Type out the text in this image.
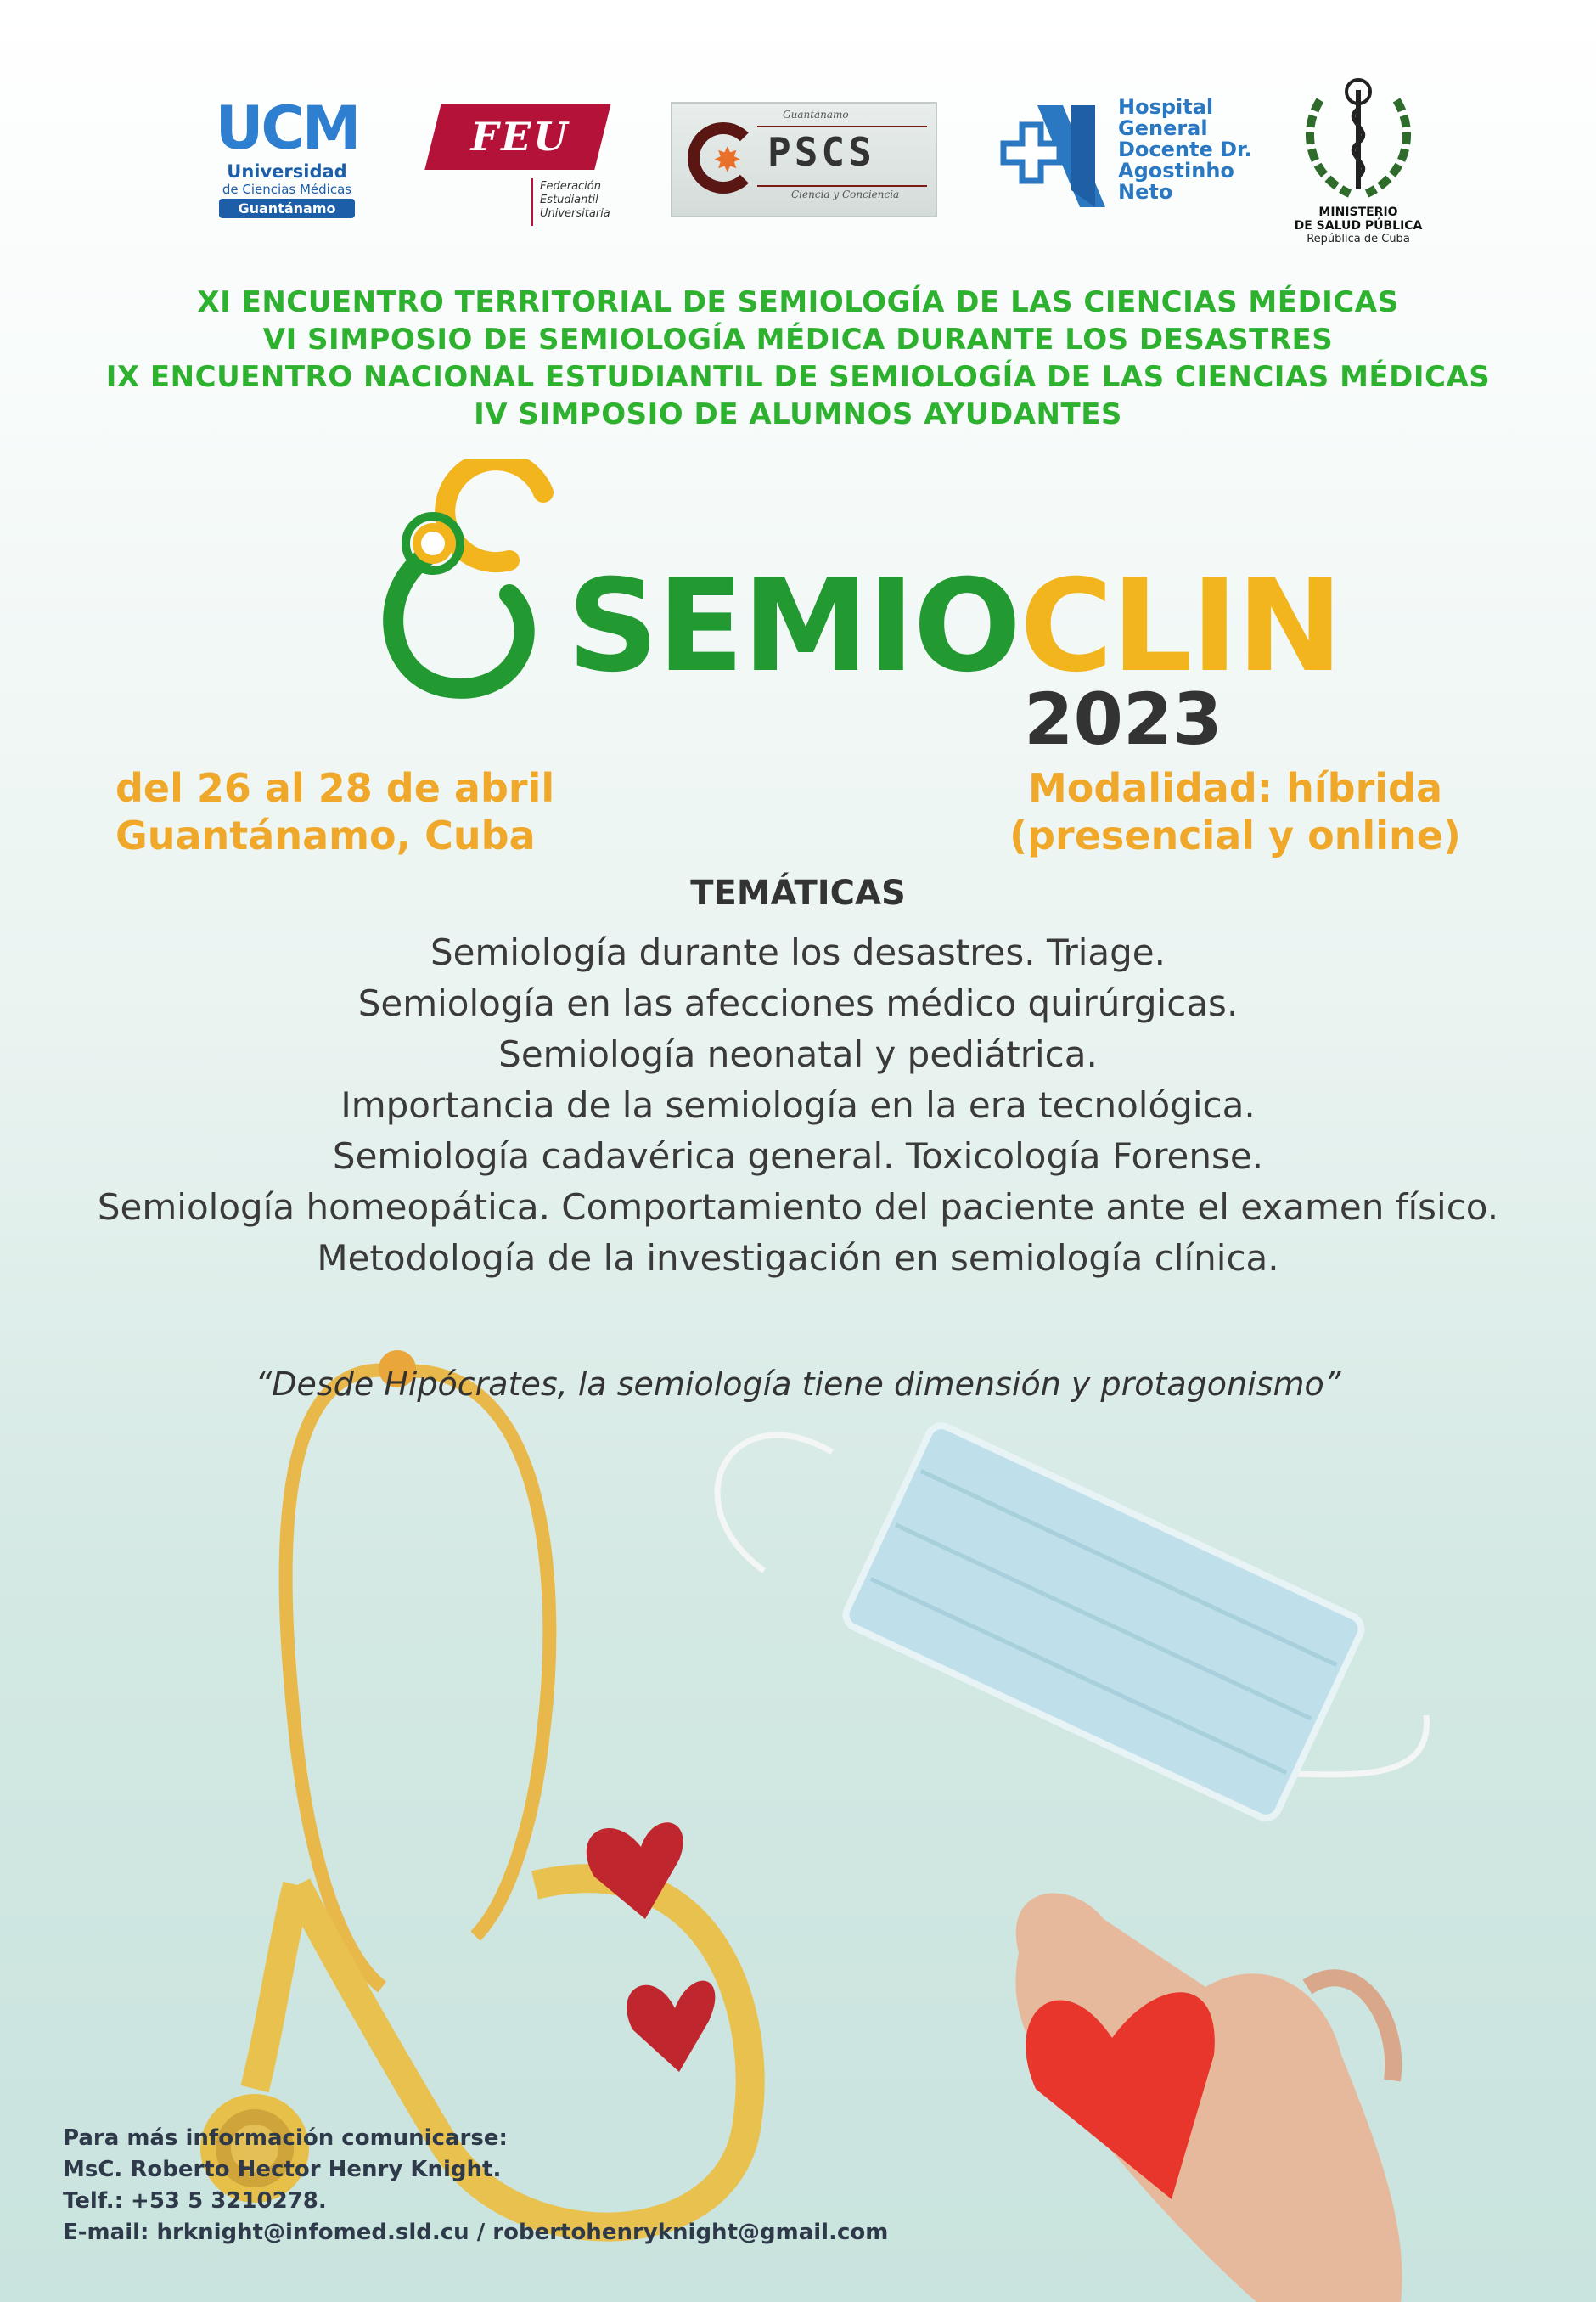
UCM
Universidad
de Ciencias Médicas
Guantánamo
FEU
Federación
Estudiantil
Universitaria
Guantánamo
✸ PSCS
Ciencia y Conciencia
Hospital
General
Docente Dr.
Agostinho
Neto
MINISTERIO
DE SALUD PÚBLICA
República de Cuba
XI ENCUENTRO TERRITORIAL DE SEMIOLOGÍA DE LAS CIENCIAS MÉDICAS
VI SIMPOSIO DE SEMIOLOGÍA MÉDICA DURANTE LOS DESASTRES
IX ENCUENTRO NACIONAL ESTUDIANTIL DE SEMIOLOGÍA DE LAS CIENCIAS MÉDICAS
IV SIMPOSIO DE ALUMNOS AYUDANTES
SEMIOCLIN
2023
del 26 al 28 de abril
Guantánamo, Cuba
Modalidad: híbrida
(presencial y online)
TEMÁTICAS
Semiología durante los desastres. Triage.
Semiología en las afecciones médico quirúrgicas.
Semiología neonatal y pediátrica.
Importancia de la semiología en la era tecnológica.
Semiología cadavérica general. Toxicología Forense.
Semiología homeopática. Comportamiento del paciente ante el examen físico.
Metodología de la investigación en semiología clínica.
“Desde Hipócrates, la semiología tiene dimensión y protagonismo”
Para más información comunicarse:
MsC. Roberto Hector Henry Knight.
Telf.: +53 5 3210278.
E-mail: hrknight@infomed.sld.cu / robertohenryknight@gmail.com
